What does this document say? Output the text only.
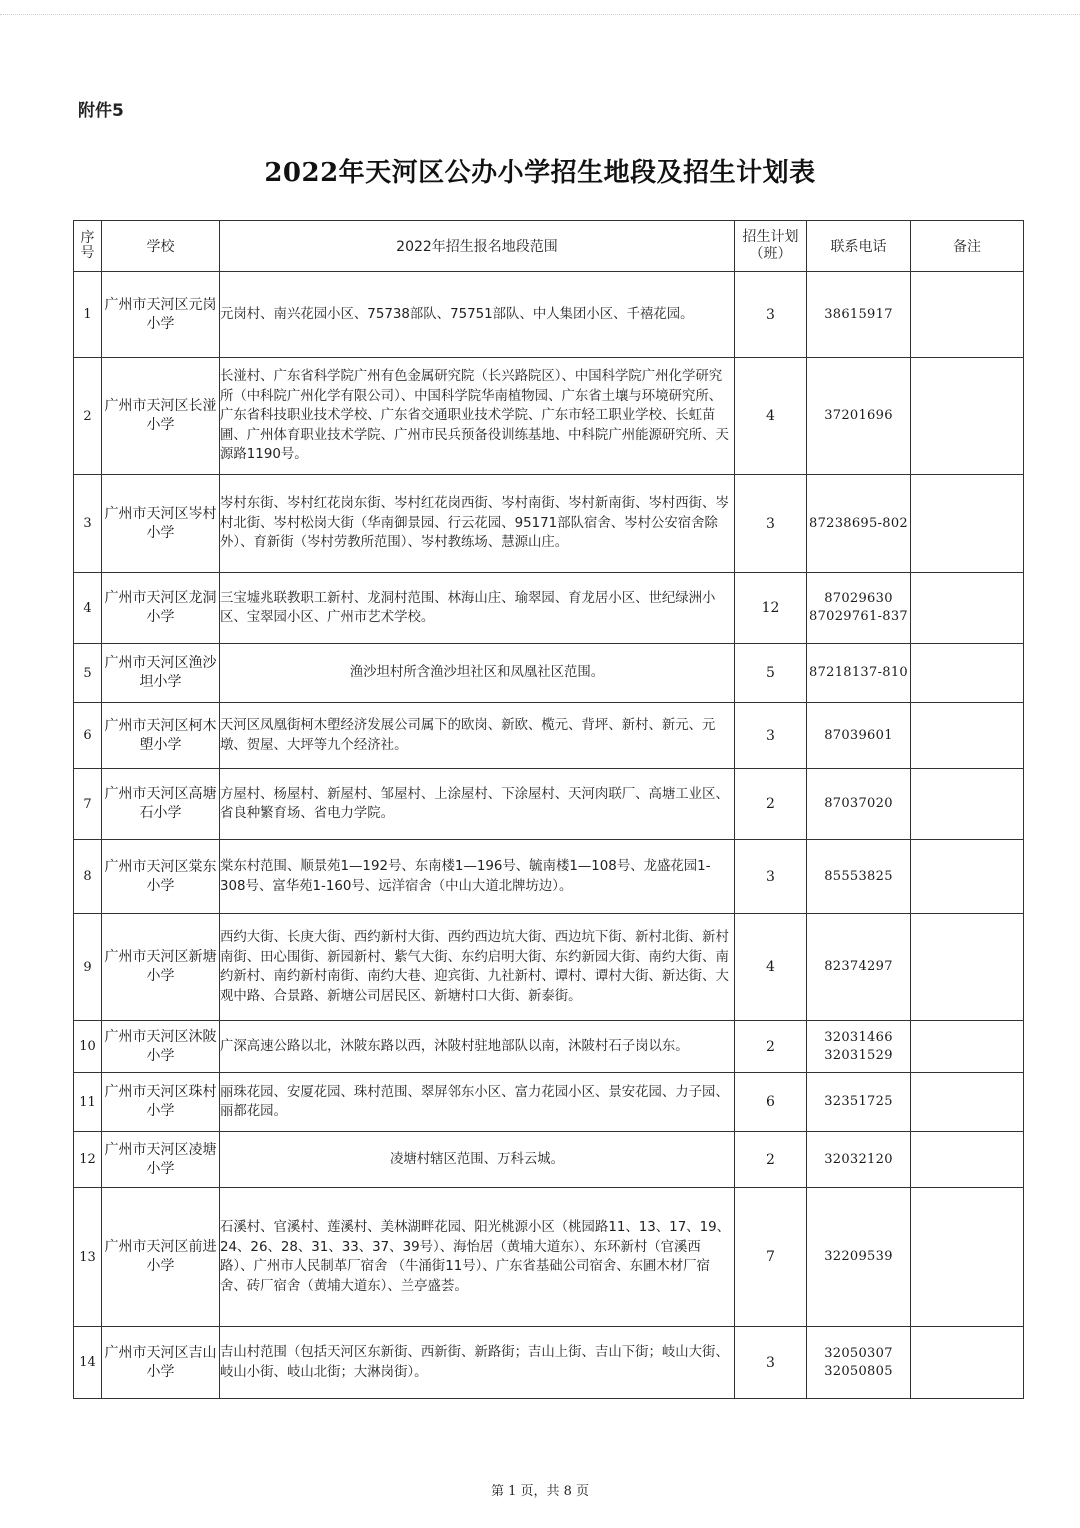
附件5
2022年天河区公办小学招生地段及招生计划表
序号	学校	2022年招生报名地段范围	招生计划（班）	联系电话	备注
1	广州市天河区元岗小学	元岗村、南兴花园小区、75738部队、75751部队、中人集团小区、千禧花园。	3	38615917	
2	广州市天河区长湴小学	长湴村、广东省科学院广州有色金属研究院（长兴路院区）、中国科学院广州化学研究所（中科院广州化学有限公司）、中国科学院华南植物园、广东省土壤与环境研究所、广东省科技职业技术学校、广东省交通职业技术学院、广东市轻工职业学校、长虹苗圃、广州体育职业技术学院、广州市民兵预备役训练基地、中科院广州能源研究所、天源路1190号。	4	37201696	
3	广州市天河区岑村小学	岑村东街、岑村红花岗东街、岑村红花岗西街、岑村南街、岑村新南街、岑村西街、岑村北街、岑村松岗大街（华南御景园、行云花园、95171部队宿舍、岑村公安宿舍除外）、育新街（岑村劳教所范围）、岑村教练场、慧源山庄。	3	87238695-802	
4	广州市天河区龙洞小学	三宝墟兆联教职工新村、龙洞村范围、林海山庄、瑜翠园、育龙居小区、世纪绿洲小区、宝翠园小区、广州市艺术学校。	12	87029630
87029761-837	
5	广州市天河区渔沙坦小学	渔沙坦村所含渔沙坦社区和凤凰社区范围。	5	87218137-810	
6	广州市天河区柯木塱小学	天河区凤凰街柯木塱经济发展公司属下的欧岗、新欧、榄元、背坪、新村、新元、元墩、贺屋、大坪等九个经济社。	3	87039601	
7	广州市天河区高塘石小学	方屋村、杨屋村、新屋村、邹屋村、上涂屋村、下涂屋村、天河肉联厂、高塘工业区、省良种繁育场、省电力学院。	2	87037020	
8	广州市天河区棠东小学	棠东村范围、顺景苑1—192号、东南楼1—196号、毓南楼1—108号、龙盛花园1-308号、富华苑1-160号、远洋宿舍（中山大道北牌坊边）。	3	85553825	
9	广州市天河区新塘小学	西约大街、长庚大街、西约新村大街、西约西边坑大街、西边坑下街、新村北街、新村南街、田心围街、新园新村、紫气大街、东约启明大街、东约新园大街、南约大街、南约新村、南约新村南街、南约大巷、迎宾街、九社新村、谭村、谭村大街、新达街、大观中路、合景路、新塘公司居民区、新塘村口大街、新泰街。	4	82374297	
10	广州市天河区沐陂小学	广深高速公路以北，沐陂东路以西，沐陂村驻地部队以南，沐陂村石子岗以东。	2	32031466
32031529	
11	广州市天河区珠村小学	丽珠花园、安厦花园、珠村范围、翠屏邻东小区、富力花园小区、景安花园、力子园、丽都花园。	6	32351725	
12	广州市天河区凌塘小学	凌塘村辖区范围、万科云城。	2	32032120	
13	广州市天河区前进小学	石溪村、官溪村、莲溪村、美林湖畔花园、阳光桃源小区（桃园路11、13、17、19、24、26、28、31、33、37、39号）、海怡居（黄埔大道东）、东环新村（官溪西路）、广州市人民制革厂宿舍 （牛涌街11号）、广东省基础公司宿舍、东圃木材厂宿舍、砖厂宿舍（黄埔大道东）、兰亭盛荟。	7	32209539	
14	广州市天河区吉山小学	吉山村范围（包括天河区东新街、西新街、新路街；吉山上街、吉山下街；岐山大街、岐山小街、岐山北街；大淋岗街）。	3	32050307
32050805	
第 1 页，共 8 页
